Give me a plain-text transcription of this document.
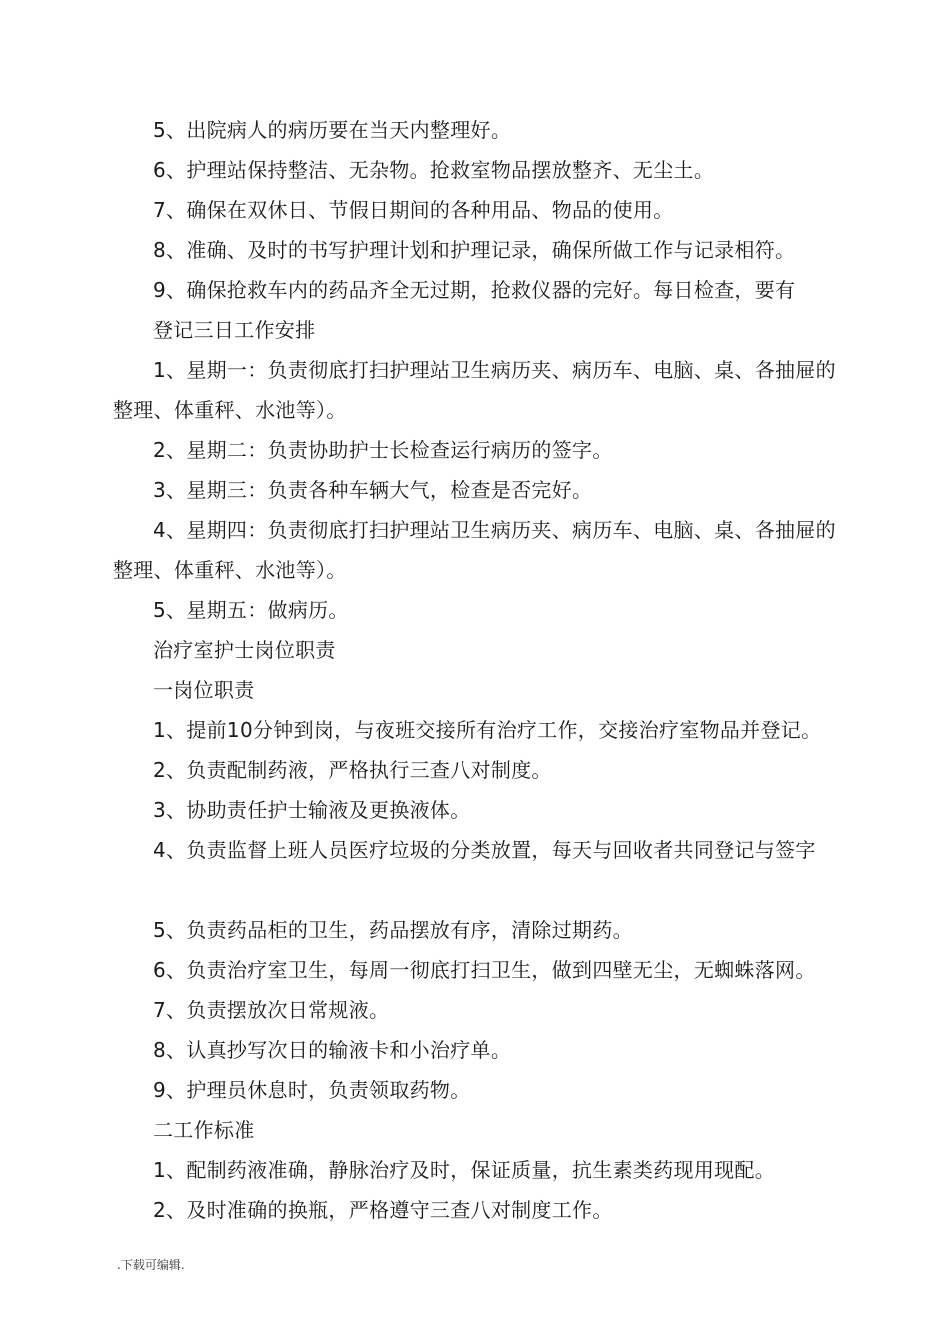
5、出院病人的病历要在当天内整理好。

6、护理站保持整洁、无杂物。抢救室物品摆放整齐、无尘土。

7、确保在双休日、节假日期间的各种用品、物品的使用。

8、准确、及时的书写护理计划和护理记录，确保所做工作与记录相符。

9、确保抢救车内的药品齐全无过期，抢救仪器的完好。每日检查，要有

登记三日工作安排

1、星期一：负责彻底打扫护理站卫生病历夹、病历车、电脑、桌、各抽屉的整理、体重秤、水池等）。

2、星期二：负责协助护士长检查运行病历的签字。

3、星期三：负责各种车辆大气，检查是否完好。

4、星期四：负责彻底打扫护理站卫生病历夹、病历车、电脑、桌、各抽屉的整理、体重秤、水池等）。

5、星期五：做病历。

治疗室护士岗位职责

一岗位职责

1、提前10分钟到岗，与夜班交接所有治疗工作，交接治疗室物品并登记。

2、负责配制药液，严格执行三查八对制度。

3、协助责任护士输液及更换液体。

4、负责监督上班人员医疗垃圾的分类放置，每天与回收者共同登记与签字

5、负责药品柜的卫生，药品摆放有序，清除过期药。

6、负责治疗室卫生，每周一彻底打扫卫生，做到四壁无尘，无蜘蛛落网。

7、负责摆放次日常规液。

8、认真抄写次日的输液卡和小治疗单。

9、护理员休息时，负责领取药物。

二工作标准

1、配制药液准确，静脉治疗及时，保证质量，抗生素类药现用现配。

2、及时准确的换瓶，严格遵守三查八对制度工作。

.下载可编辑.
